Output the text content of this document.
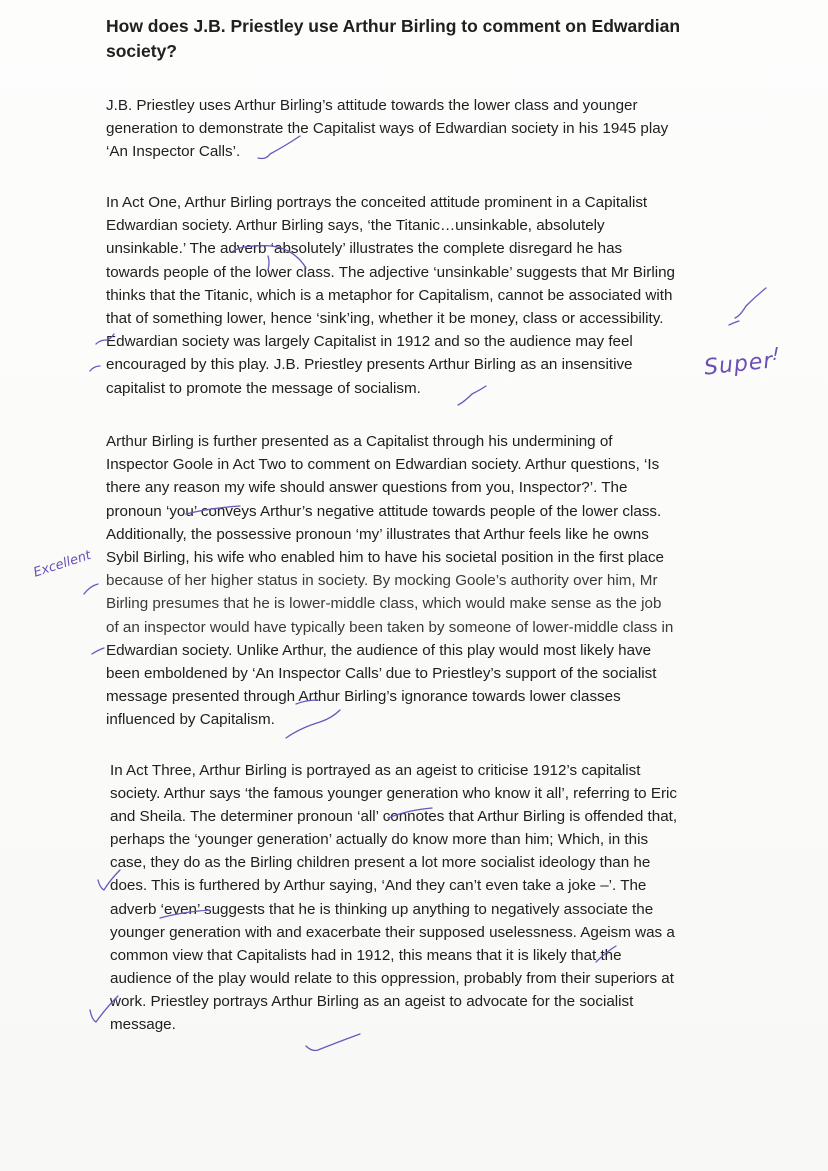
How does J.B. Priestley use Arthur Birling to comment on Edwardian
society?
J.B. Priestley uses Arthur Birling’s attitude towards the lower class and younger
generation to demonstrate the Capitalist ways of Edwardian society in his 1945 play
‘An Inspector Calls’.
In Act One, Arthur Birling portrays the conceited attitude prominent in a Capitalist
Edwardian society. Arthur Birling says, ‘the Titanic…unsinkable, absolutely
unsinkable.’ The adverb ‘absolutely’ illustrates the complete disregard he has
towards people of the lower class. The adjective ‘unsinkable’ suggests that Mr Birling
thinks that the Titanic, which is a metaphor for Capitalism, cannot be associated with
that of something lower, hence ‘sink’ing, whether it be money, class or accessibility.
Edwardian society was largely Capitalist in 1912 and so the audience may feel
encouraged by this play. J.B. Priestley presents Arthur Birling as an insensitive
capitalist to promote the message of socialism.
Arthur Birling is further presented as a Capitalist through his undermining of
Inspector Goole in Act Two to comment on Edwardian society. Arthur questions, ‘Is
there any reason my wife should answer questions from you, Inspector?’. The
pronoun ‘you’ conveys Arthur’s negative attitude towards people of the lower class.
Additionally, the possessive pronoun ‘my’ illustrates that Arthur feels like he owns
Sybil Birling, his wife who enabled him to have his societal position in the first place
because of her higher status in society. By mocking Goole’s authority over him, Mr
Birling presumes that he is lower-middle class, which would make sense as the job
of an inspector would have typically been taken by someone of lower-middle class in
Edwardian society. Unlike Arthur, the audience of this play would most likely have
been emboldened by ‘An Inspector Calls’ due to Priestley’s support of the socialist
message presented through Arthur Birling’s ignorance towards lower classes
influenced by Capitalism.
In Act Three, Arthur Birling is portrayed as an ageist to criticise 1912’s capitalist
society. Arthur says ‘the famous younger generation who know it all’, referring to Eric
and Sheila. The determiner pronoun ‘all’ connotes that Arthur Birling is offended that,
perhaps the ‘younger generation’ actually do know more than him; Which, in this
case, they do as the Birling children present a lot more socialist ideology than he
does. This is furthered by Arthur saying, ‘And they can’t even take a joke –’. The
adverb ‘even’ suggests that he is thinking up anything to negatively associate the
younger generation with and exacerbate their supposed uselessness. Ageism was a
common view that Capitalists had in 1912, this means that it is likely that the
audience of the play would relate to this oppression, probably from their superiors at
work. Priestley portrays Arthur Birling as an ageist to advocate for the socialist
message.
Super
!
Excellent
